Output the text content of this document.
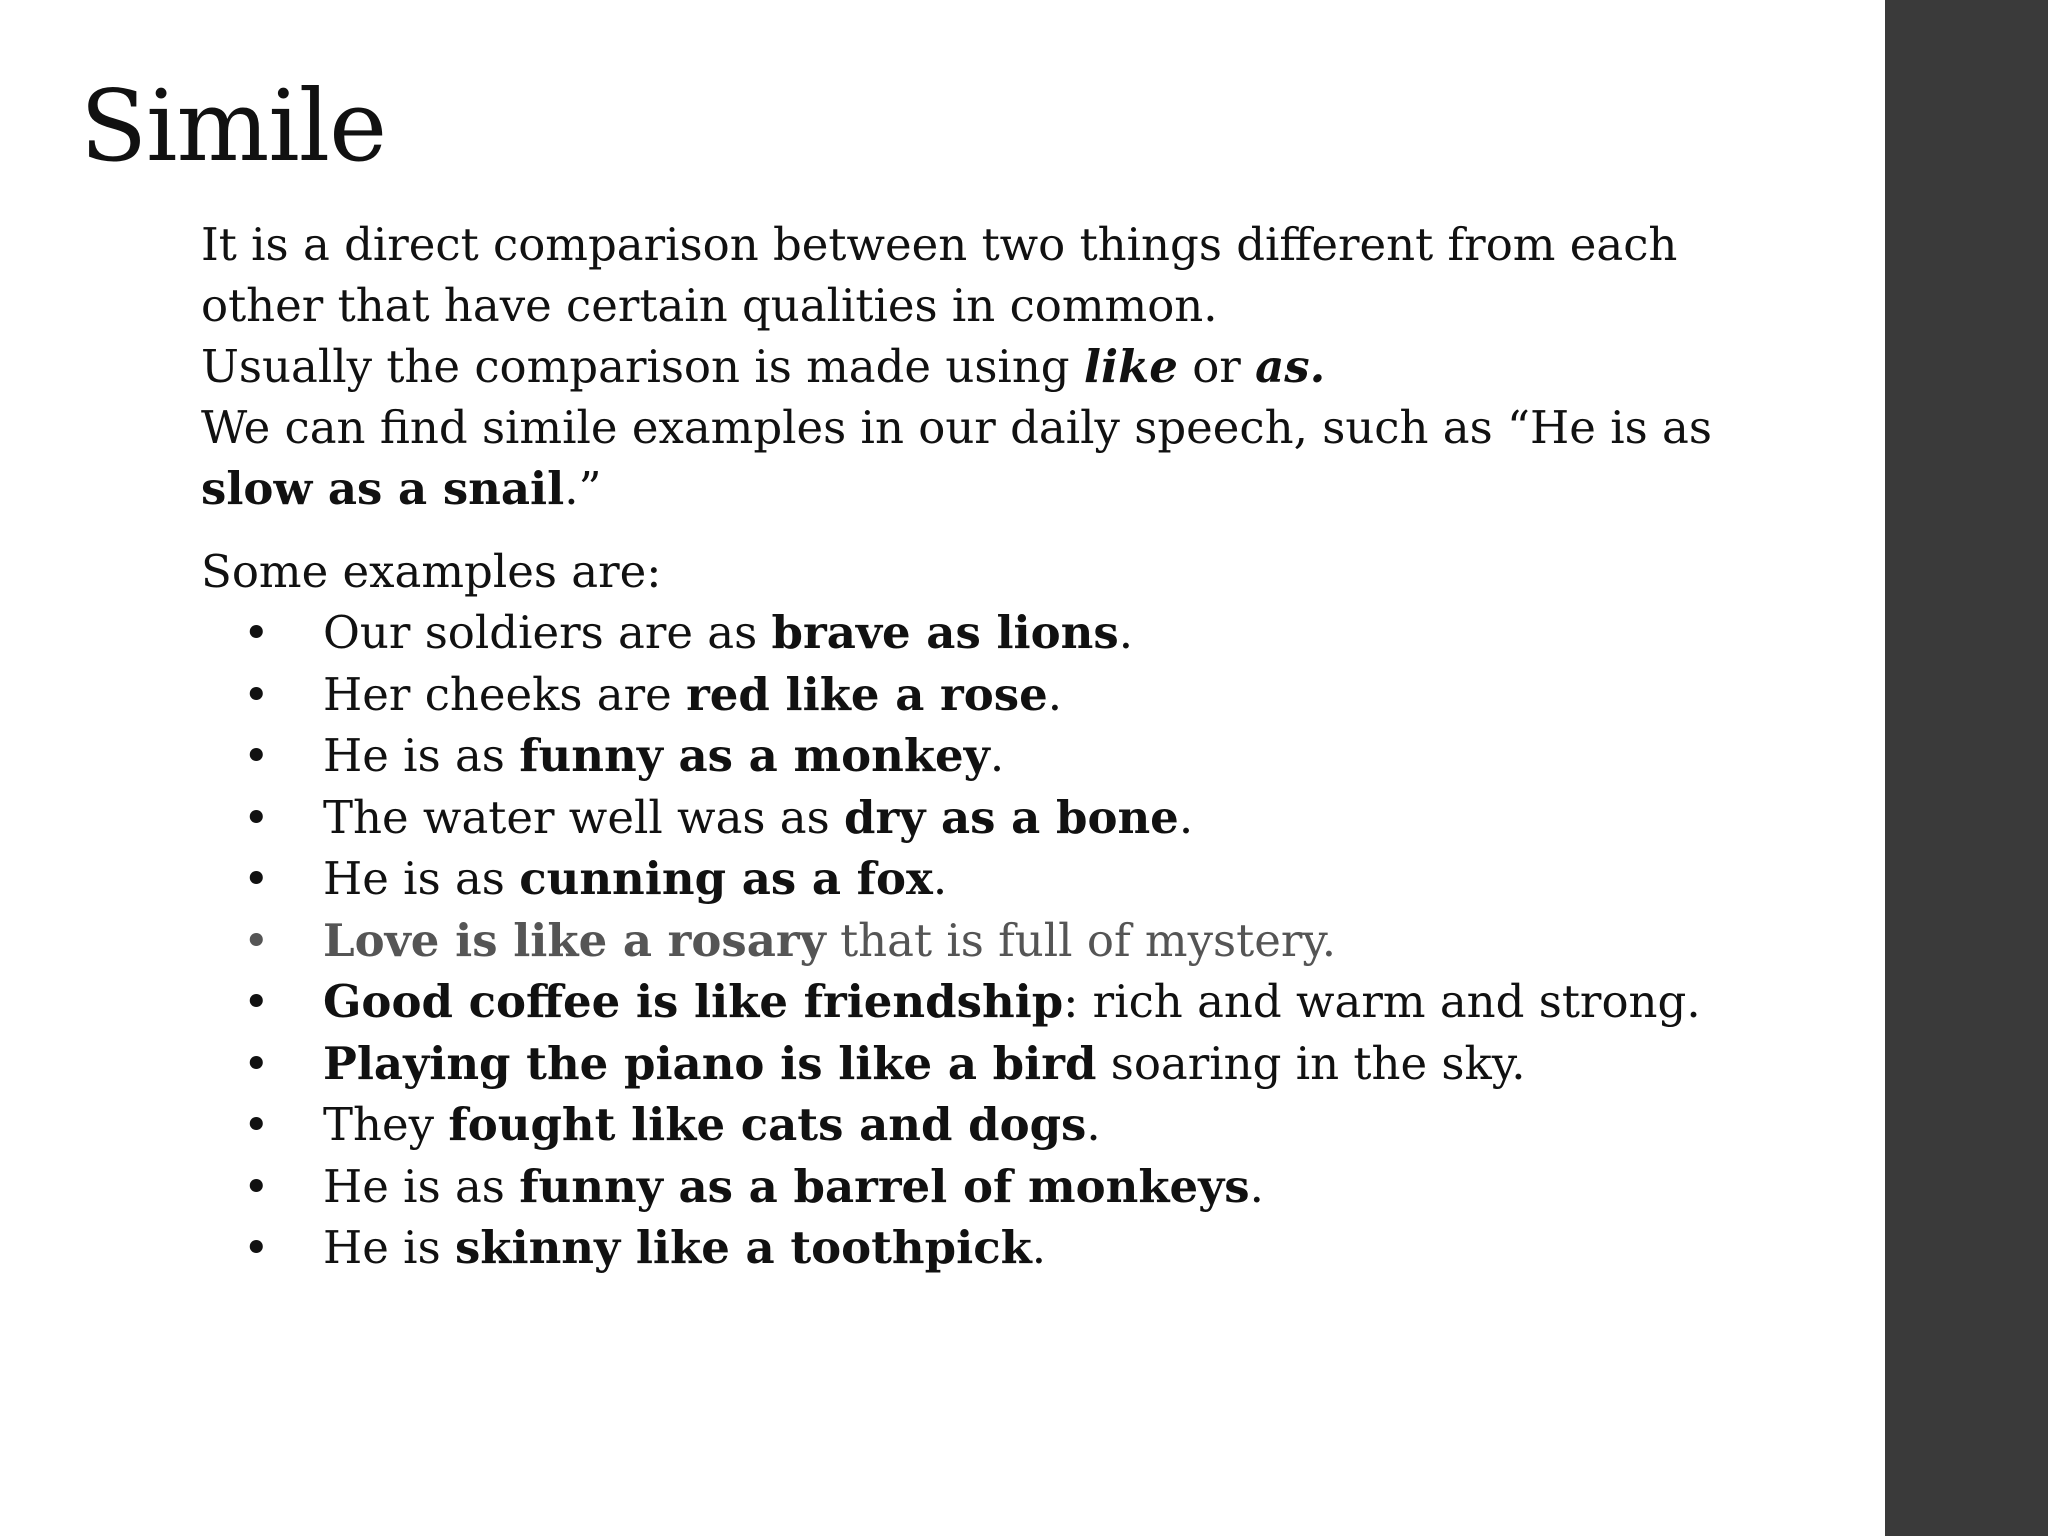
Simile
It is a direct comparison between two things different from each
other that have certain qualities in common.
Usually the comparison is made using like or as.
We can find simile examples in our daily speech, such as “He is as
slow as a snail.”
Some examples are:
• Our soldiers are as brave as lions.
• Her cheeks are red like a rose.
• He is as funny as a monkey.
• The water well was as dry as a bone.
• He is as cunning as a fox.
• Love is like a rosary that is full of mystery.
• Good coffee is like friendship: rich and warm and strong.
• Playing the piano is like a bird soaring in the sky.
• They fought like cats and dogs.
• He is as funny as a barrel of monkeys.
• He is skinny like a toothpick.
